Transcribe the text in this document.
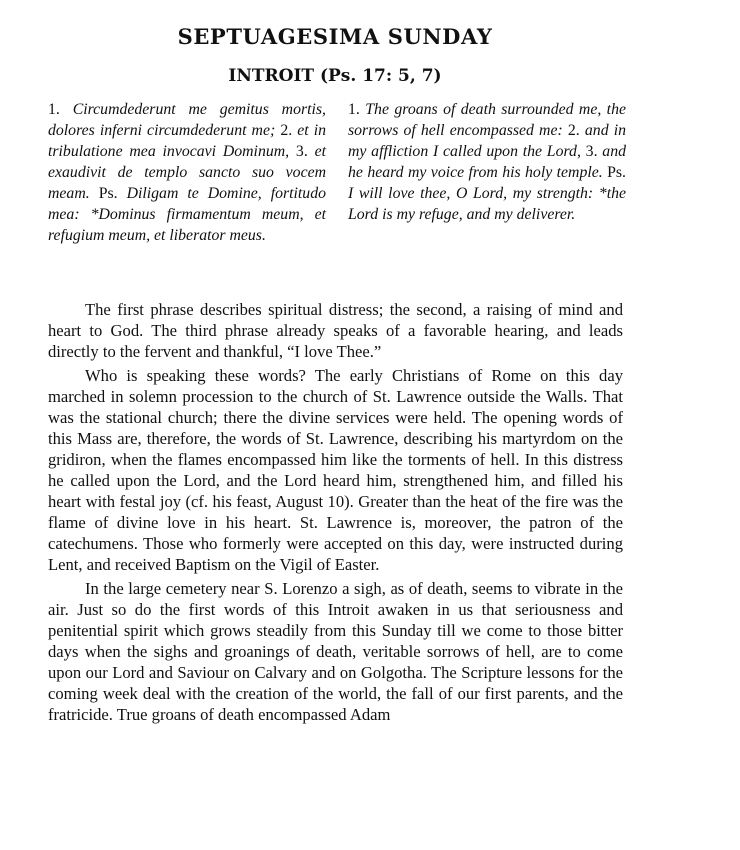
SEPTUAGESIMA SUNDAY
INTROIT (Ps. 17: 5, 7)
1. Circumdederunt me gemitus mortis, dolores inferni circumdederunt me; 2. et in tribulatione mea invocavi Dominum, 3. et exaudivit de templo sancto suo vocem meam. Ps. Diligam te Domine, fortitudo mea: *Dominus firmamentum meum, et refugium meum, et liberator meus.
1. The groans of death surrounded me, the sorrows of hell encompassed me: 2. and in my affliction I called upon the Lord, 3. and he heard my voice from his holy temple. Ps. I will love thee, O Lord, my strength: *the Lord is my refuge, and my deliverer.

The first phrase describes spiritual distress; the second, a raising of mind and heart to God. The third phrase already speaks of a favorable hearing, and leads directly to the fervent and thankful, “I love Thee.”

Who is speaking these words? The early Christians of Rome on this day marched in solemn procession to the church of St. Lawrence outside the Walls. That was the stational church; there the divine services were held. The opening words of this Mass are, therefore, the words of St. Lawrence, describing his martyrdom on the gridiron, when the flames encompassed him like the torments of hell. In this distress he called upon the Lord, and the Lord heard him, strengthened him, and filled his heart with festal joy (cf. his feast, August 10). Greater than the heat of the fire was the flame of divine love in his heart. St. Lawrence is, moreover, the patron of the catechumens. Those who formerly were accepted on this day, were instructed during Lent, and received Baptism on the Vigil of Easter.

In the large cemetery near S. Lorenzo a sigh, as of death, seems to vibrate in the air. Just so do the first words of this Introit awaken in us that seriousness and penitential spirit which grows steadily from this Sunday till we come to those bitter days when the sighs and groanings of death, veritable sorrows of hell, are to come upon our Lord and Saviour on Calvary and on Golgotha. The Scripture lessons for the coming week deal with the creation of the world, the fall of our first parents, and the fratricide. True groans of death encompassed Adam
